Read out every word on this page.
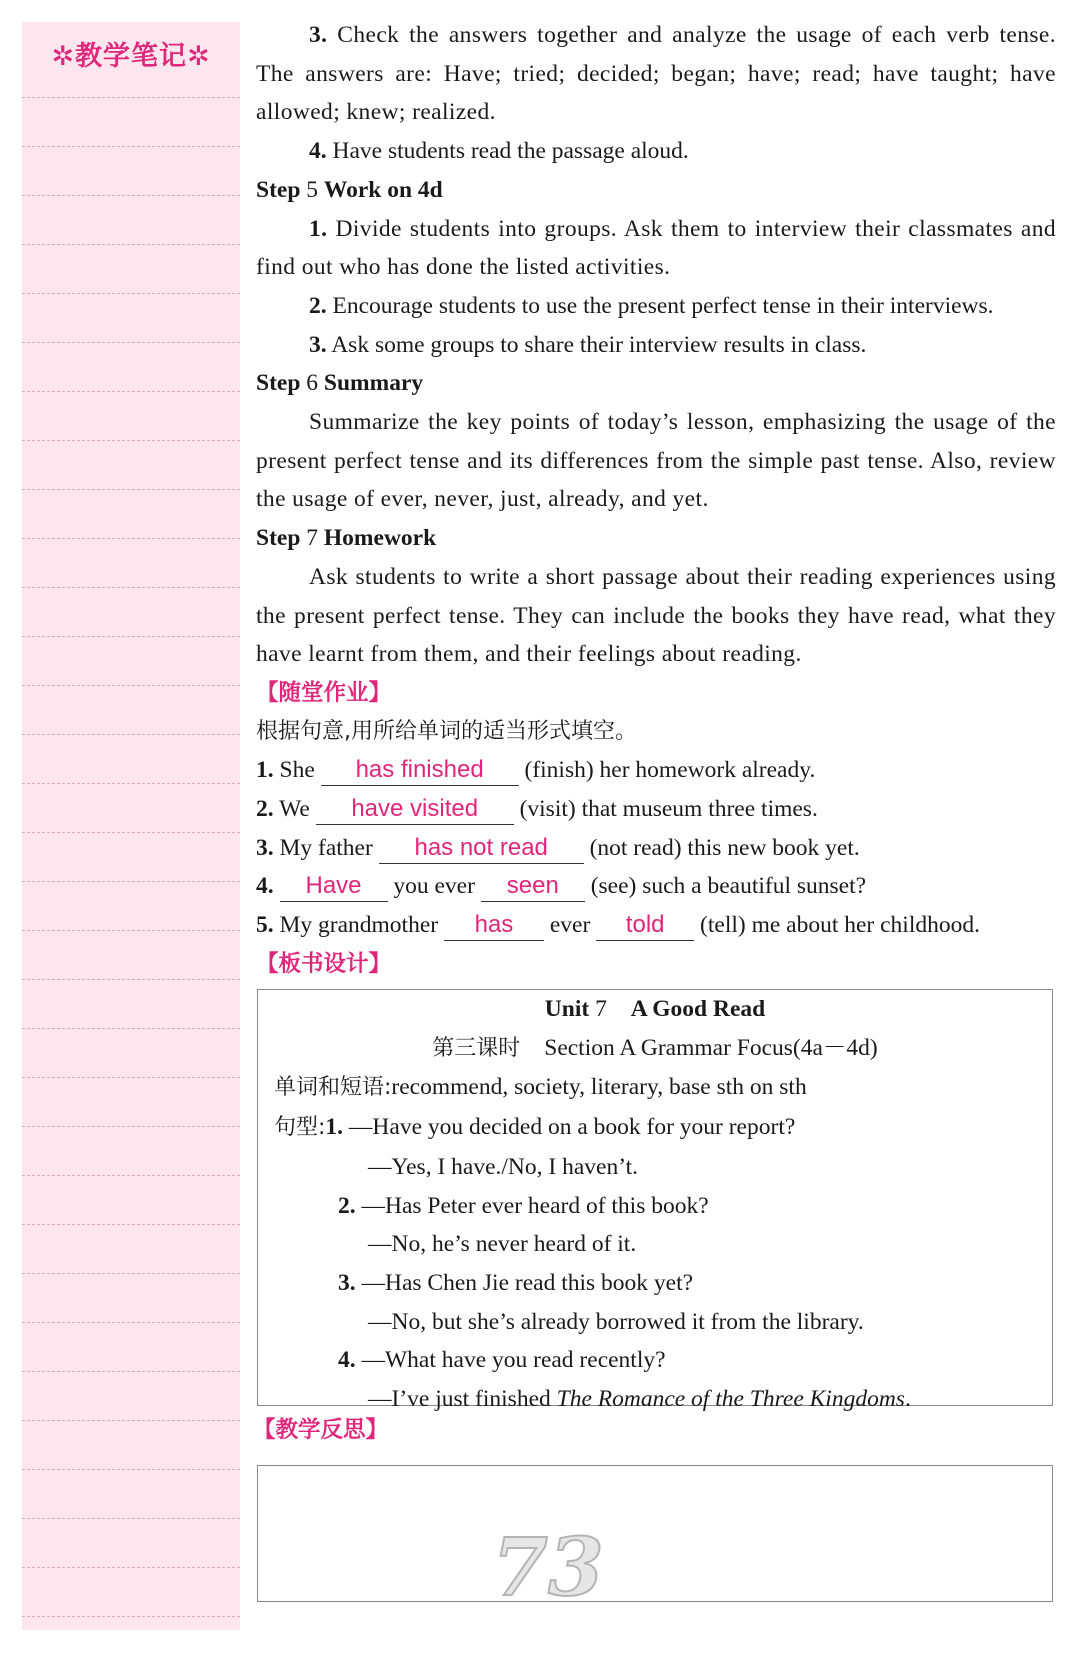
✲教学笔记✲

3. Check the answers together and analyze the usage of each verb tense. The answers are: Have; tried; decided; began; have; read; have taught; have allowed; knew; realized.

4. Have students read the passage aloud.

Step 5 Work on 4d

1. Divide students into groups. Ask them to interview their classmates and find out who has done the listed activities.

2. Encourage students to use the present perfect tense in their interviews.

3. Ask some groups to share their interview results in class.

Step 6 Summary

Summarize the key points of today’s lesson, emphasizing the usage of the present perfect tense and its differences from the simple past tense. Also, review the usage of ever, never, just, already, and yet.

Step 7 Homework

Ask students to write a short passage about their reading experiences using the present perfect tense. They can include the books they have read, what they have learnt from them, and their feelings about reading.

【随堂作业】

根据句意,用所给单词的适当形式填空。

1. She has finished (finish) her homework already.

2. We have visited (visit) that museum three times.

3. My father has not read (not read) this new book yet.

4. Have you ever seen (see) such a beautiful sunset?

5. My grandmother has ever told (tell) me about her childhood.

【板书设计】

Unit 7 A Good Read

第三课时 Section A Grammar Focus(4a－4d)

单词和短语:recommend, society, literary, base sth on sth

句型:1. —Have you decided on a book for your report?

—Yes, I have./No, I haven’t.

2. —Has Peter ever heard of this book?

—No, he’s never heard of it.

3. —Has Chen Jie read this book yet?

—No, but she’s already borrowed it from the library.

4. —What have you read recently?

—I’ve just finished The Romance of the Three Kingdoms.

【教学反思】
73
